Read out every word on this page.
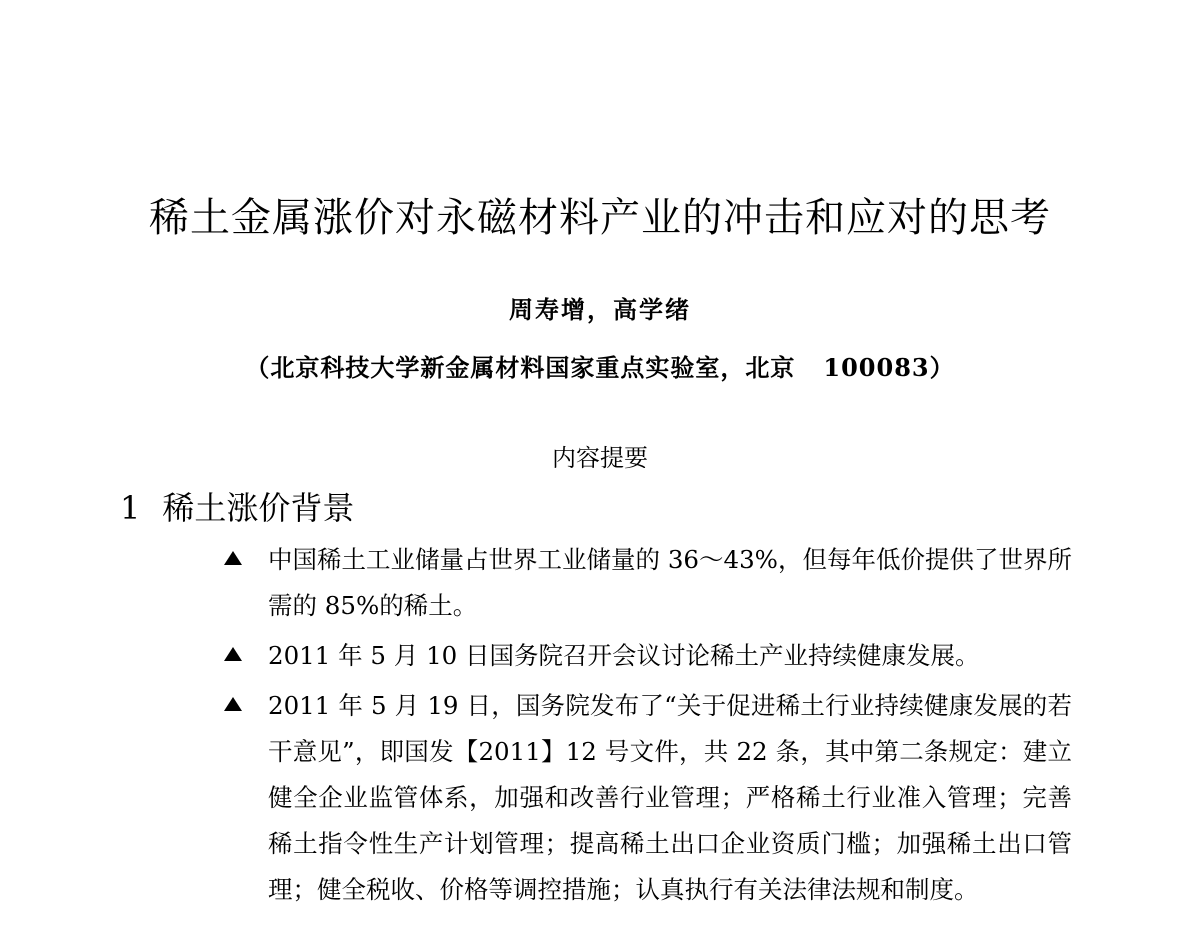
稀土金属涨价对永磁材料产业的冲击和应对的思考
周寿增，高学绪
（北京科技大学新金属材料国家重点实验室，北京 100083）
内容提要
1 稀土涨价背景
中国稀土工业储量占世界工业储量的 36～43%，但每年低价提供了世界所需的 85%的稀土。
2011 年 5 月 10 日国务院召开会议讨论稀土产业持续健康发展。
2011 年 5 月 19 日，国务院发布了“关于促进稀土行业持续健康发展的若干意见”，即国发【2011】12 号文件，共 22 条，其中第二条规定：建立健全企业监管体系，加强和改善行业管理；严格稀土行业准入管理；完善稀土指令性生产计划管理；提高稀土出口企业资质门槛；加强稀土出口管理；健全税收、价格等调控措施；认真执行有关法律法规和制度。
